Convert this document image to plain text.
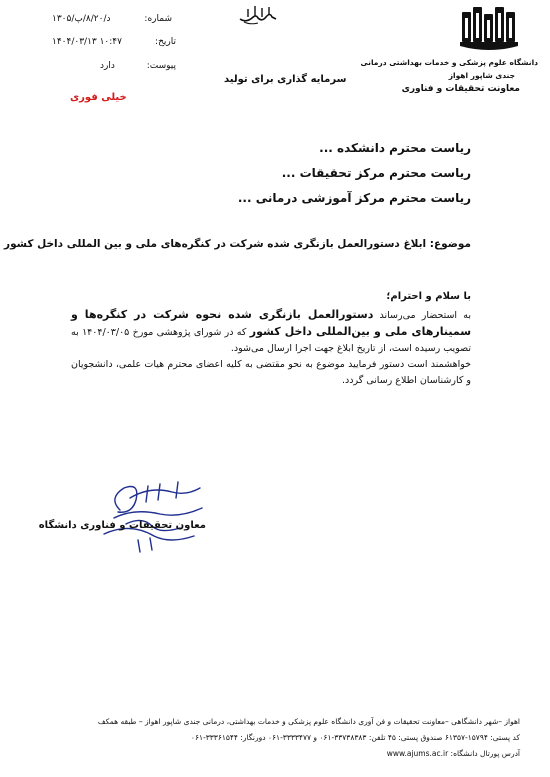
دانشگاه علوم پزشکی و خدمات بهداشتی درمانی
جندی شاپور اهواز
معاونت تحقیقات و فناوری
۱۳۰۵/د/۸/۲۰/پ	شماره:
۱۴۰۴/۰۳/۱۳ ۱۰:۴۷	تاریخ:
دارد	پیوست:
سرمایه گذاری برای تولید
خیلی فوری
ریاست محترم دانشکده ...
ریاست محترم مرکز تحقیقات ...
ریاست محترم مرکز آموزشی درمانی ...
موضوع: ابلاغ دستورالعمل بازنگری شده شرکت در کنگره‌های ملی و بین المللی داخل کشور
با سلام و احترام؛

به استحضار می‌رساند دستورالعمل بازنگری شده نحوه شرکت در کنگره‌ها و سمینارهای ملی و بین‌المللی داخل کشور که در شورای پژوهشی مورخ ۱۴۰۴/۰۳/۰۵ به تصویب رسیده است، از تاریخ ابلاغ جهت اجرا ارسال می‌شود.

خواهشمند است دستور فرمایید موضوع به نحو مقتضی به کلیه اعضای محترم هیات علمی، دانشجویان و کارشناسان اطلاع رسانی گردد.

معاون تحقیقات و فناوری دانشگاه
اهواز –شهر دانشگاهی –معاونت تحقیقات و فن آوری دانشگاه علوم پزشکی و خدمات بهداشتی، درمانی جندی شاپور اهواز – طبقه همکف
کد پستی: ۱۵۷۹۴-۶۱۳۵۷ صندوق پستی: ۴۵ تلفن: ۳۳۷۳۸۳۸۳-۰۶۱ و ۳۳۳۳۴۷۷-۰۶۱ دورنگار: ۳۳۳۶۱۵۴۴-۰۶۱
آدرس پورتال دانشگاه: www.ajums.ac.ir
